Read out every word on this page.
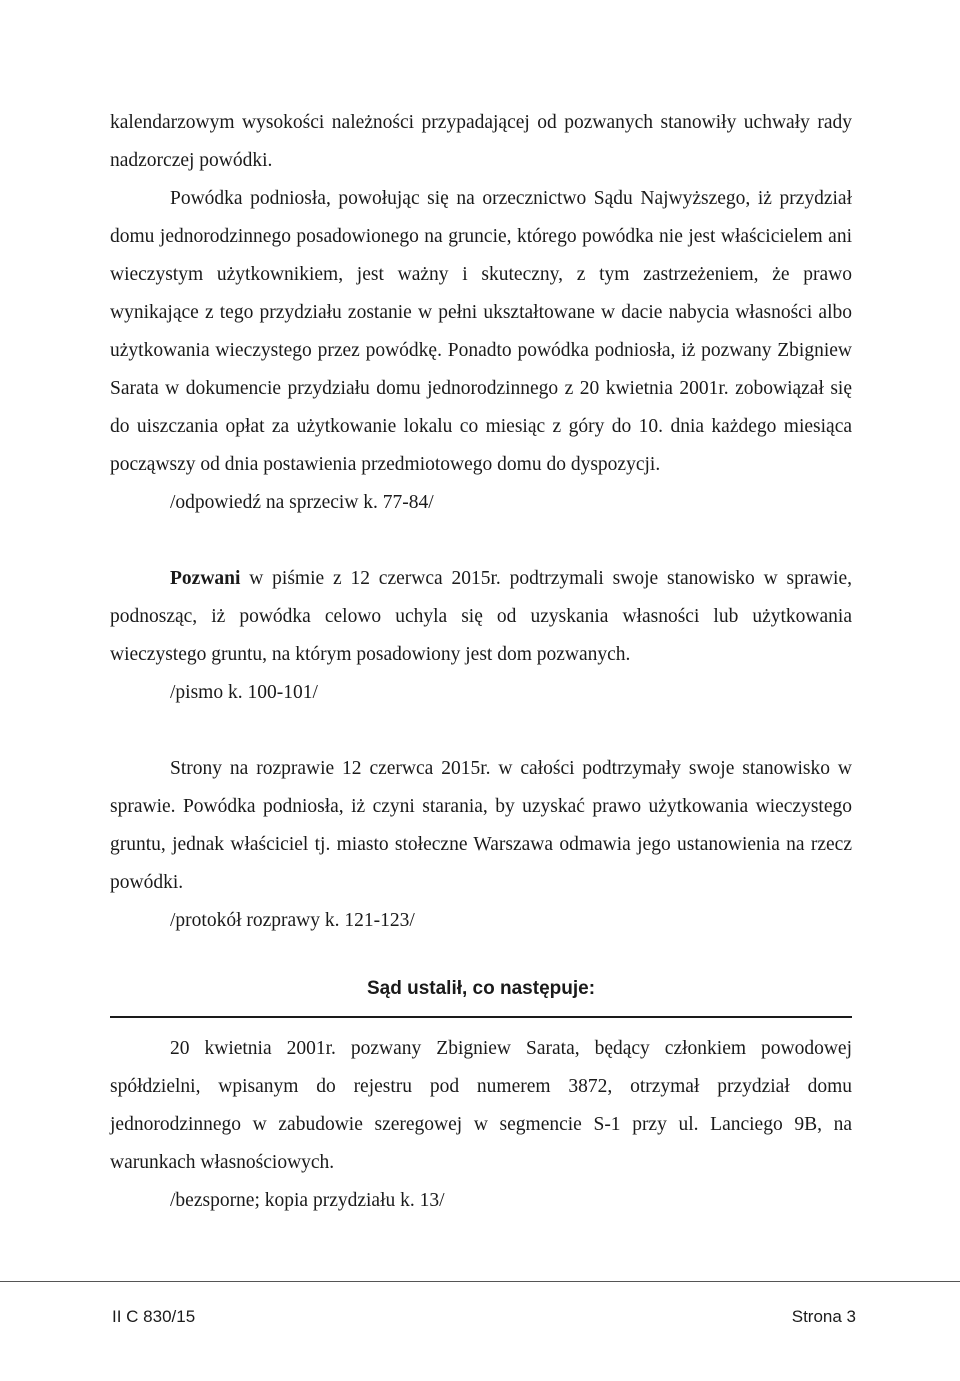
kalendarzowym wysokości należności przypadającej od pozwanych stanowiły uchwały rady nadzorczej powódki.

Powódka podniosła, powołując się na orzecznictwo Sądu Najwyższego, iż przydział domu jednorodzinnego posadowionego na gruncie, którego powódka nie jest właścicielem ani wieczystym użytkownikiem, jest ważny i skuteczny, z tym zastrzeżeniem, że prawo wynikające z tego przydziału zostanie w pełni ukształtowane w dacie nabycia własności albo użytkowania wieczystego przez powódkę. Ponadto powódka podniosła, iż pozwany Zbigniew Sarata w dokumencie przydziału domu jednorodzinnego z 20 kwietnia 2001r. zobowiązał się do uiszczania opłat za użytkowanie lokalu co miesiąc z góry do 10. dnia każdego miesiąca począwszy od dnia postawienia przedmiotowego domu do dyspozycji.

/odpowiedź na sprzeciw k. 77-84/

Pozwani w piśmie z 12 czerwca 2015r. podtrzymali swoje stanowisko w sprawie, podnosząc, iż powódka celowo uchyla się od uzyskania własności lub użytkowania wieczystego gruntu, na którym posadowiony jest dom pozwanych.

/pismo k. 100-101/

Strony na rozprawie 12 czerwca 2015r. w całości podtrzymały swoje stanowisko w sprawie. Powódka podniosła, iż czyni starania, by uzyskać prawo użytkowania wieczystego gruntu, jednak właściciel tj. miasto stołeczne Warszawa odmawia jego ustanowienia na rzecz powódki.

/protokół rozprawy k. 121-123/

Sąd ustalił, co następuje:

20 kwietnia 2001r. pozwany Zbigniew Sarata, będący członkiem powodowej spółdzielni, wpisanym do rejestru pod numerem 3872, otrzymał przydział domu jednorodzinnego w zabudowie szeregowej w segmencie S-1 przy ul. Lanciego 9B, na warunkach własnościowych.

/bezsporne; kopia przydziału k. 13/

II C 830/15	Strona 3
